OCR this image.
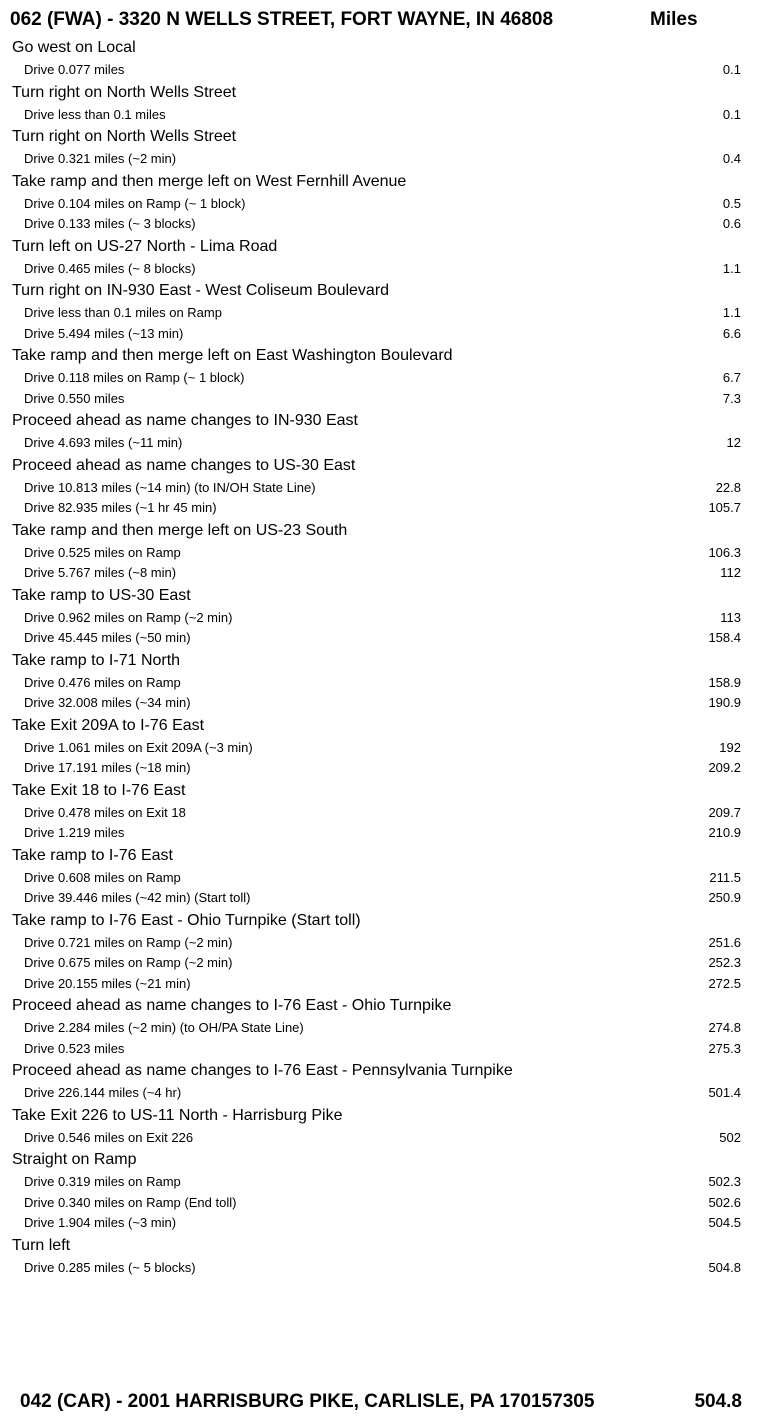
062 (FWA) - 3320 N WELLS STREET, FORT WAYNE, IN 46808	Miles
Go west on Local
Drive 0.077 miles	0.1
Turn right on North Wells Street
Drive less than 0.1 miles	0.1
Turn right on North Wells Street
Drive 0.321 miles (~2 min)	0.4
Take ramp and then merge left on West Fernhill Avenue
Drive 0.104 miles on Ramp (~ 1 block)	0.5
Drive 0.133 miles (~ 3 blocks)	0.6
Turn left on US-27 North - Lima Road
Drive 0.465 miles (~ 8 blocks)	1.1
Turn right on IN-930 East - West Coliseum Boulevard
Drive less than 0.1 miles on Ramp	1.1
Drive 5.494 miles (~13 min)	6.6
Take ramp and then merge left on East Washington Boulevard
Drive 0.118 miles on Ramp (~ 1 block)	6.7
Drive 0.550 miles	7.3
Proceed ahead as name changes to IN-930 East
Drive 4.693 miles (~11 min)	12
Proceed ahead as name changes to US-30 East
Drive 10.813 miles (~14 min) (to IN/OH State Line)	22.8
Drive 82.935 miles (~1 hr 45 min)	105.7
Take ramp and then merge left on US-23 South
Drive 0.525 miles on Ramp	106.3
Drive 5.767 miles (~8 min)	112
Take ramp to US-30 East
Drive 0.962 miles on Ramp (~2 min)	113
Drive 45.445 miles (~50 min)	158.4
Take ramp to I-71 North
Drive 0.476 miles on Ramp	158.9
Drive 32.008 miles (~34 min)	190.9
Take Exit 209A to I-76 East
Drive 1.061 miles on Exit 209A (~3 min)	192
Drive 17.191 miles (~18 min)	209.2
Take Exit 18 to I-76 East
Drive 0.478 miles on Exit 18	209.7
Drive 1.219 miles	210.9
Take ramp to I-76 East
Drive 0.608 miles on Ramp	211.5
Drive 39.446 miles (~42 min) (Start toll)	250.9
Take ramp to I-76 East - Ohio Turnpike (Start toll)
Drive 0.721 miles on Ramp (~2 min)	251.6
Drive 0.675 miles on Ramp (~2 min)	252.3
Drive 20.155 miles (~21 min)	272.5
Proceed ahead as name changes to I-76 East - Ohio Turnpike
Drive 2.284 miles (~2 min) (to OH/PA State Line)	274.8
Drive 0.523 miles	275.3
Proceed ahead as name changes to I-76 East - Pennsylvania Turnpike
Drive 226.144 miles (~4 hr)	501.4
Take Exit 226 to US-11 North - Harrisburg Pike
Drive 0.546 miles on Exit 226	502
Straight on Ramp
Drive 0.319 miles on Ramp	502.3
Drive 0.340 miles on Ramp (End toll)	502.6
Drive 1.904 miles (~3 min)	504.5
Turn left
Drive 0.285 miles (~ 5 blocks)	504.8
042 (CAR) - 2001 HARRISBURG PIKE, CARLISLE, PA 170157305	504.8
